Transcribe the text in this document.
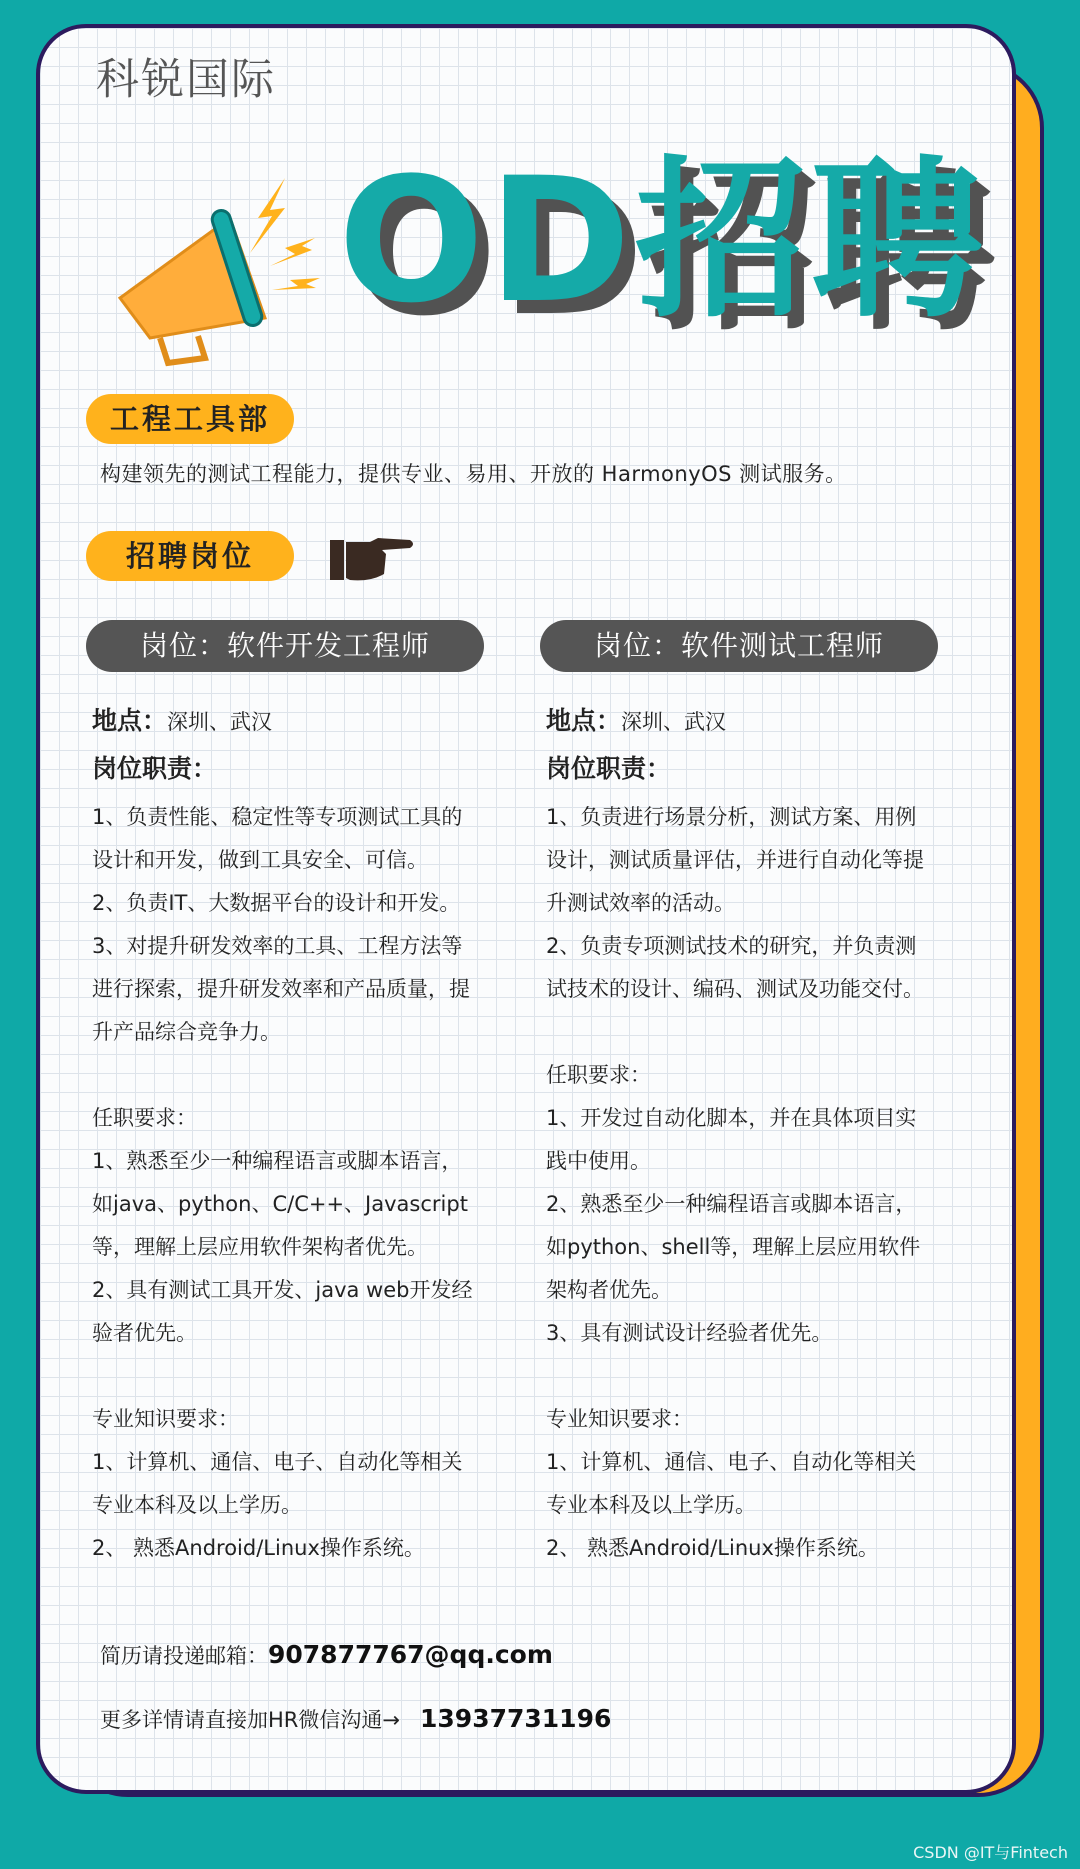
科锐国际
OD招聘
工程工具部
构建领先的测试工程能力，提供专业、易用、开放的 HarmonyOS 测试服务。
招聘岗位
岗位：软件开发工程师
地点：深圳、武汉
岗位职责：
1、负责性能、稳定性等专项测试工具的
设计和开发，做到工具安全、可信。
2、负责IT、大数据平台的设计和开发。
3、对提升研发效率的工具、工程方法等
进行探索，提升研发效率和产品质量，提
升产品综合竞争力。
任职要求：
1、熟悉至少一种编程语言或脚本语言，
如java、python、C/C++、Javascript
等，理解上层应用软件架构者优先。
2、具有测试工具开发、java web开发经
验者优先。
专业知识要求：
1、计算机、通信、电子、自动化等相关
专业本科及以上学历。
2、 熟悉Android/Linux操作系统。
岗位：软件测试工程师
地点：深圳、武汉
岗位职责：
1、负责进行场景分析，测试方案、用例
设计，测试质量评估，并进行自动化等提
升测试效率的活动。
2、负责专项测试技术的研究，并负责测
试技术的设计、编码、测试及功能交付。
任职要求：
1、开发过自动化脚本，并在具体项目实
践中使用。
2、熟悉至少一种编程语言或脚本语言，
如python、shell等，理解上层应用软件
架构者优先。
3、具有测试设计经验者优先。
专业知识要求：
1、计算机、通信、电子、自动化等相关
专业本科及以上学历。
2、 熟悉Android/Linux操作系统。
简历请投递邮箱：907877767@qq.com
更多详情请直接加HR微信沟通→ 13937731196
CSDN @IT与Fintech
